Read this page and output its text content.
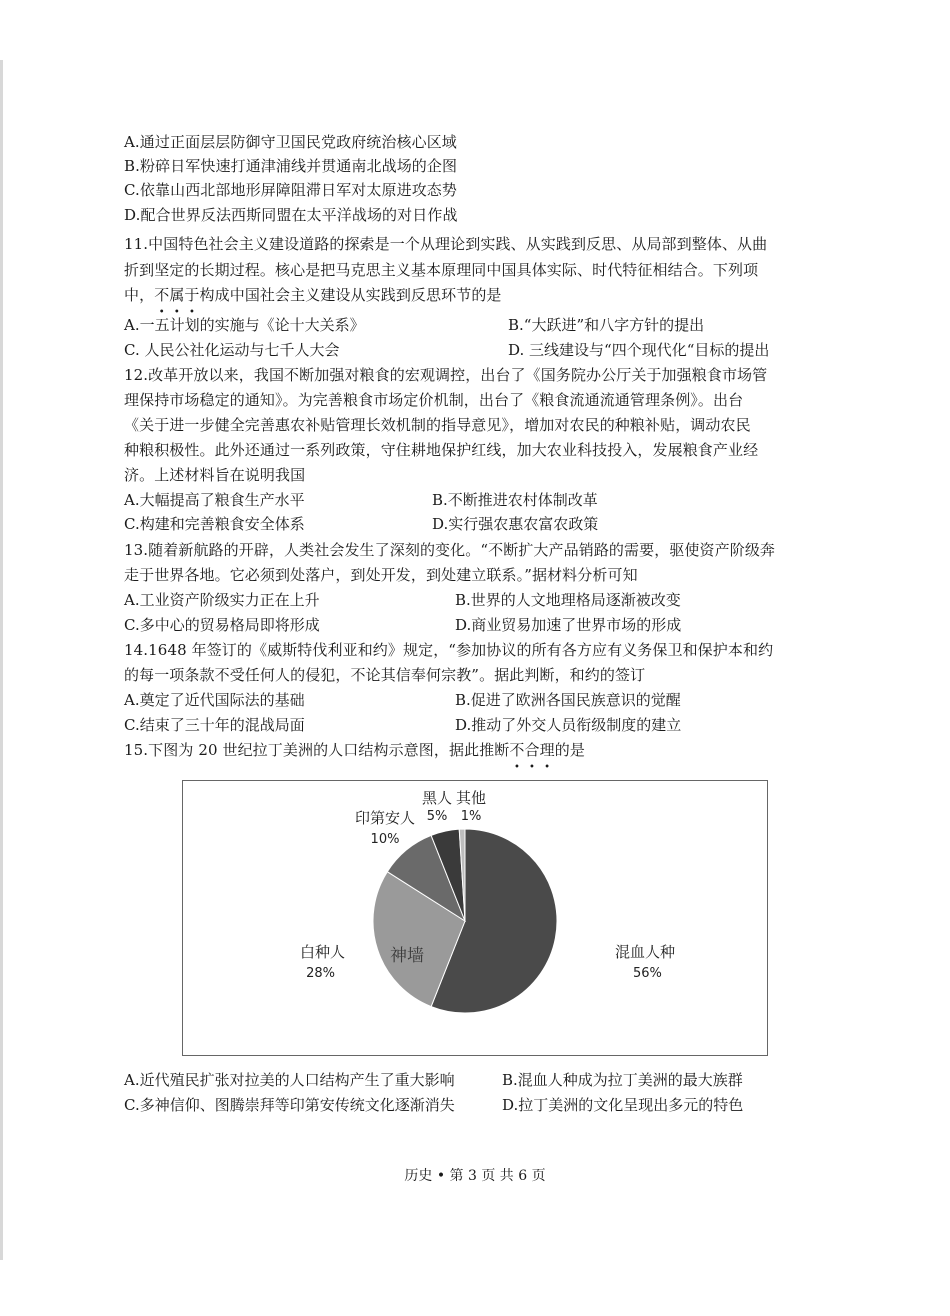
A.通过正面层层防御守卫国民党政府统治核心区域
B.粉碎日军快速打通津浦线并贯通南北战场的企图
C.依靠山西北部地形屏障阻滞日军对太原进攻态势
D.配合世界反法西斯同盟在太平洋战场的对日作战
11.中国特色社会主义建设道路的探索是一个从理论到实践、从实践到反思、从局部到整体、从曲
折到坚定的长期过程。核心是把马克思主义基本原理同中国具体实际、时代特征相结合。下列项
中，不属于构成中国社会主义建设从实践到反思环节的是
A.一五计划的实施与《论十大关系》	B.“大跃进”和八字方针的提出
C. 人民公社化运动与七千人大会	D. 三线建设与“四个现代化“目标的提出
12.改革开放以来，我国不断加强对粮食的宏观调控，出台了《国务院办公厅关于加强粮食市场管
理保持市场稳定的通知》。为完善粮食市场定价机制，出台了《粮食流通流通管理条例》。出台
《关于进一步健全完善惠农补贴管理长效机制的指导意见》，增加对农民的种粮补贴，调动农民
种粮积极性。此外还通过一系列政策，守住耕地保护红线，加大农业科技投入，发展粮食产业经
济。上述材料旨在说明我国
A.大幅提高了粮食生产水平	B.不断推进农村体制改革
C.构建和完善粮食安全体系	D.实行强农惠农富农政策
13.随着新航路的开辟，人类社会发生了深刻的变化。“不断扩大产品销路的需要，驱使资产阶级奔
走于世界各地。它必须到处落户，到处开发，到处建立联系。”据材料分析可知
A.工业资产阶级实力正在上升	B.世界的人文地理格局逐渐被改变
C.多中心的贸易格局即将形成	D.商业贸易加速了世界市场的形成
14.1648 年签订的《威斯特伐利亚和约》规定，“参加协议的所有各方应有义务保卫和保护本和约
的每一项条款不受任何人的侵犯，不论其信奉何宗教”。据此判断，和约的签订
A.奠定了近代国际法的基础	B.促进了欧洲各国民族意识的觉醒
C.结束了三十年的混战局面	D.推动了外交人员衔级制度的建立
15.下图为 20 世纪拉丁美洲的人口结构示意图，据此推断不合理的是
混血人种
56%
白种人
28%
印第安人
10%
黑人
5%
其他
1%
神墙
A.近代殖民扩张对拉美的人口结构产生了重大影响	B.混血人种成为拉丁美洲的最大族群
C.多神信仰、图腾崇拜等印第安传统文化逐渐消失	D.拉丁美洲的文化呈现出多元的特色
历史 • 第 3 页 共 6 页
